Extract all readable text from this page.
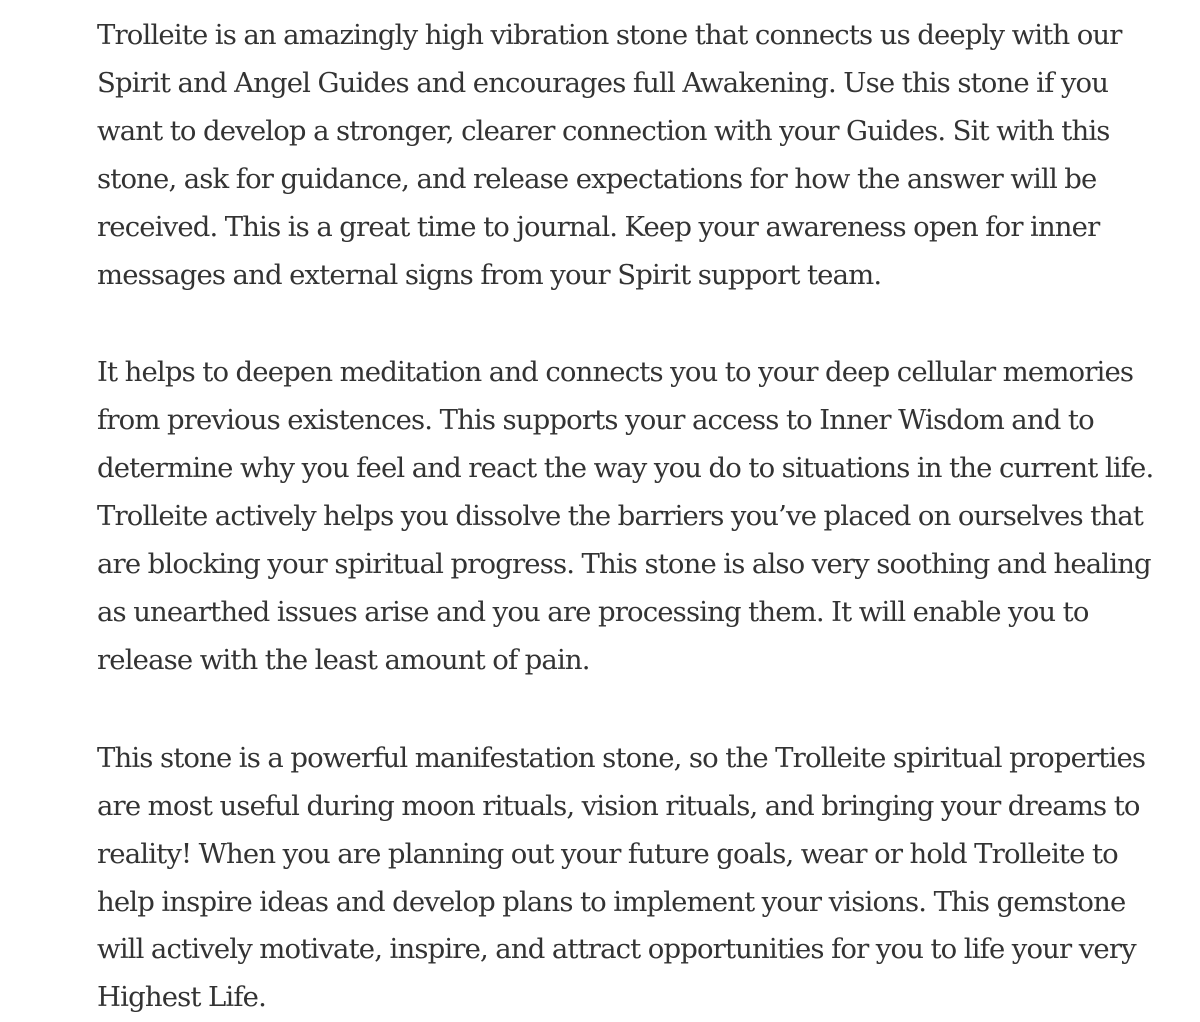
Trolleite is an amazingly high vibration stone that connects us deeply with our Spirit and Angel Guides and encourages full Awakening. Use this stone if you want to develop a stronger, clearer connection with your Guides. Sit with this stone, ask for guidance, and release expectations for how the answer will be received. This is a great time to journal. Keep your awareness open for inner messages and external signs from your Spirit support team.

It helps to deepen meditation and connects you to your deep cellular memories from previous existences. This supports your access to Inner Wisdom and to determine why you feel and react the way you do to situations in the current life. Trolleite actively helps you dissolve the barriers you’ve placed on ourselves that are blocking your spiritual progress. This stone is also very soothing and healing as unearthed issues arise and you are processing them. It will enable you to release with the least amount of pain.

This stone is a powerful manifestation stone, so the Trolleite spiritual properties are most useful during moon rituals, vision rituals, and bringing your dreams to reality! When you are planning out your future goals, wear or hold Trolleite to help inspire ideas and develop plans to implement your visions. This gemstone will actively motivate, inspire, and attract opportunities for you to life your very Highest Life.
